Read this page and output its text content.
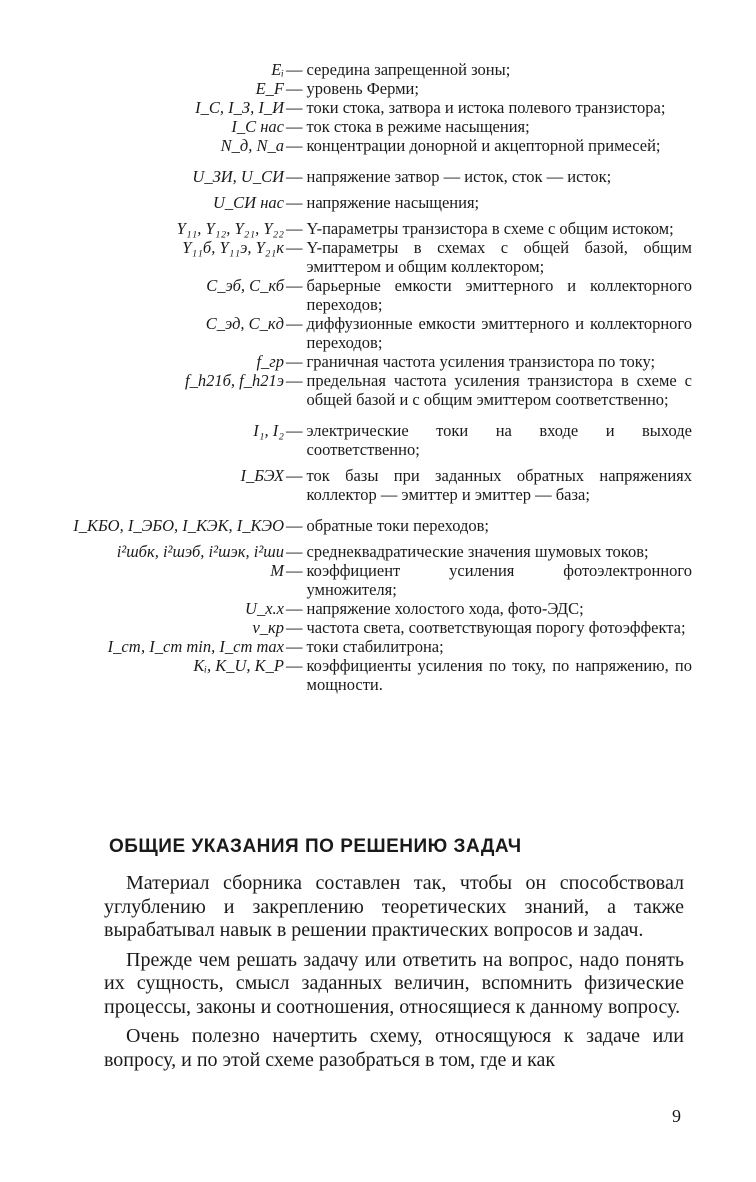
Eᵢ — середина запрещенной зоны;
E_F — уровень Ферми;
I_С, I_З, I_И — токи стока, затвора и истока полевого транзистора;
I_С нас — ток стока в режиме насыщения;
N_д, N_а — концентрации донорной и акцепторной примесей;
U_ЗИ, U_СИ — напряжение затвор — исток, сток — исток;
U_СИ нас — напряжение насыщения;
Y₁₁, Y₁₂, Y₂₁, Y₂₂ — Y-параметры транзистора в схеме с общим истоком;
Y₁₁б, Y₁₁э, Y₂₁к — Y-параметры в схемах с общей базой, общим эмиттером и общим коллектором;
C_эб, C_кб — барьерные емкости эмиттерного и коллекторного переходов;
C_эд, C_кд — диффузионные емкости эмиттерного и коллекторного переходов;
f_гр — граничная частота усиления транзистора по току;
f_h21б, f_h21э — предельная частота усиления транзистора в схеме с общей базой и с общим эмиттером соответственно;
I₁, I₂ — электрические токи на входе и выходе соответственно;
I_БЭХ — ток базы при заданных обратных напряжениях коллектор — эмиттер и эмиттер — база;
I_КБО, I_ЭБО, I_КЭК, I_КЭО — обратные токи переходов;
i²шбк, i²шэб, i²шэк, i²ши — среднеквадратические значения шумовых токов;
M — коэффициент усиления фотоэлектронного умножителя;
U_х.х — напряжение холостого хода, фото-ЭДС;
ν_кр — частота света, соответствующая порогу фотоэффекта;
I_ст, I_ст min, I_ст max — токи стабилитрона;
Kᵢ, K_U, K_P — коэффициенты усиления по току, по напряжению, по мощности.
ОБЩИЕ УКАЗАНИЯ ПО РЕШЕНИЮ ЗАДАЧ

Материал сборника составлен так, чтобы он способствовал углублению и закреплению теоретических знаний, а также вырабатывал навык в решении практических вопросов и задач.

Прежде чем решать задачу или ответить на вопрос, надо понять их сущность, смысл заданных величин, вспомнить физические процессы, законы и соотношения, относящиеся к данному вопросу.

Очень полезно начертить схему, относящуюся к задаче или вопросу, и по этой схеме разобраться в том, где и как

9
